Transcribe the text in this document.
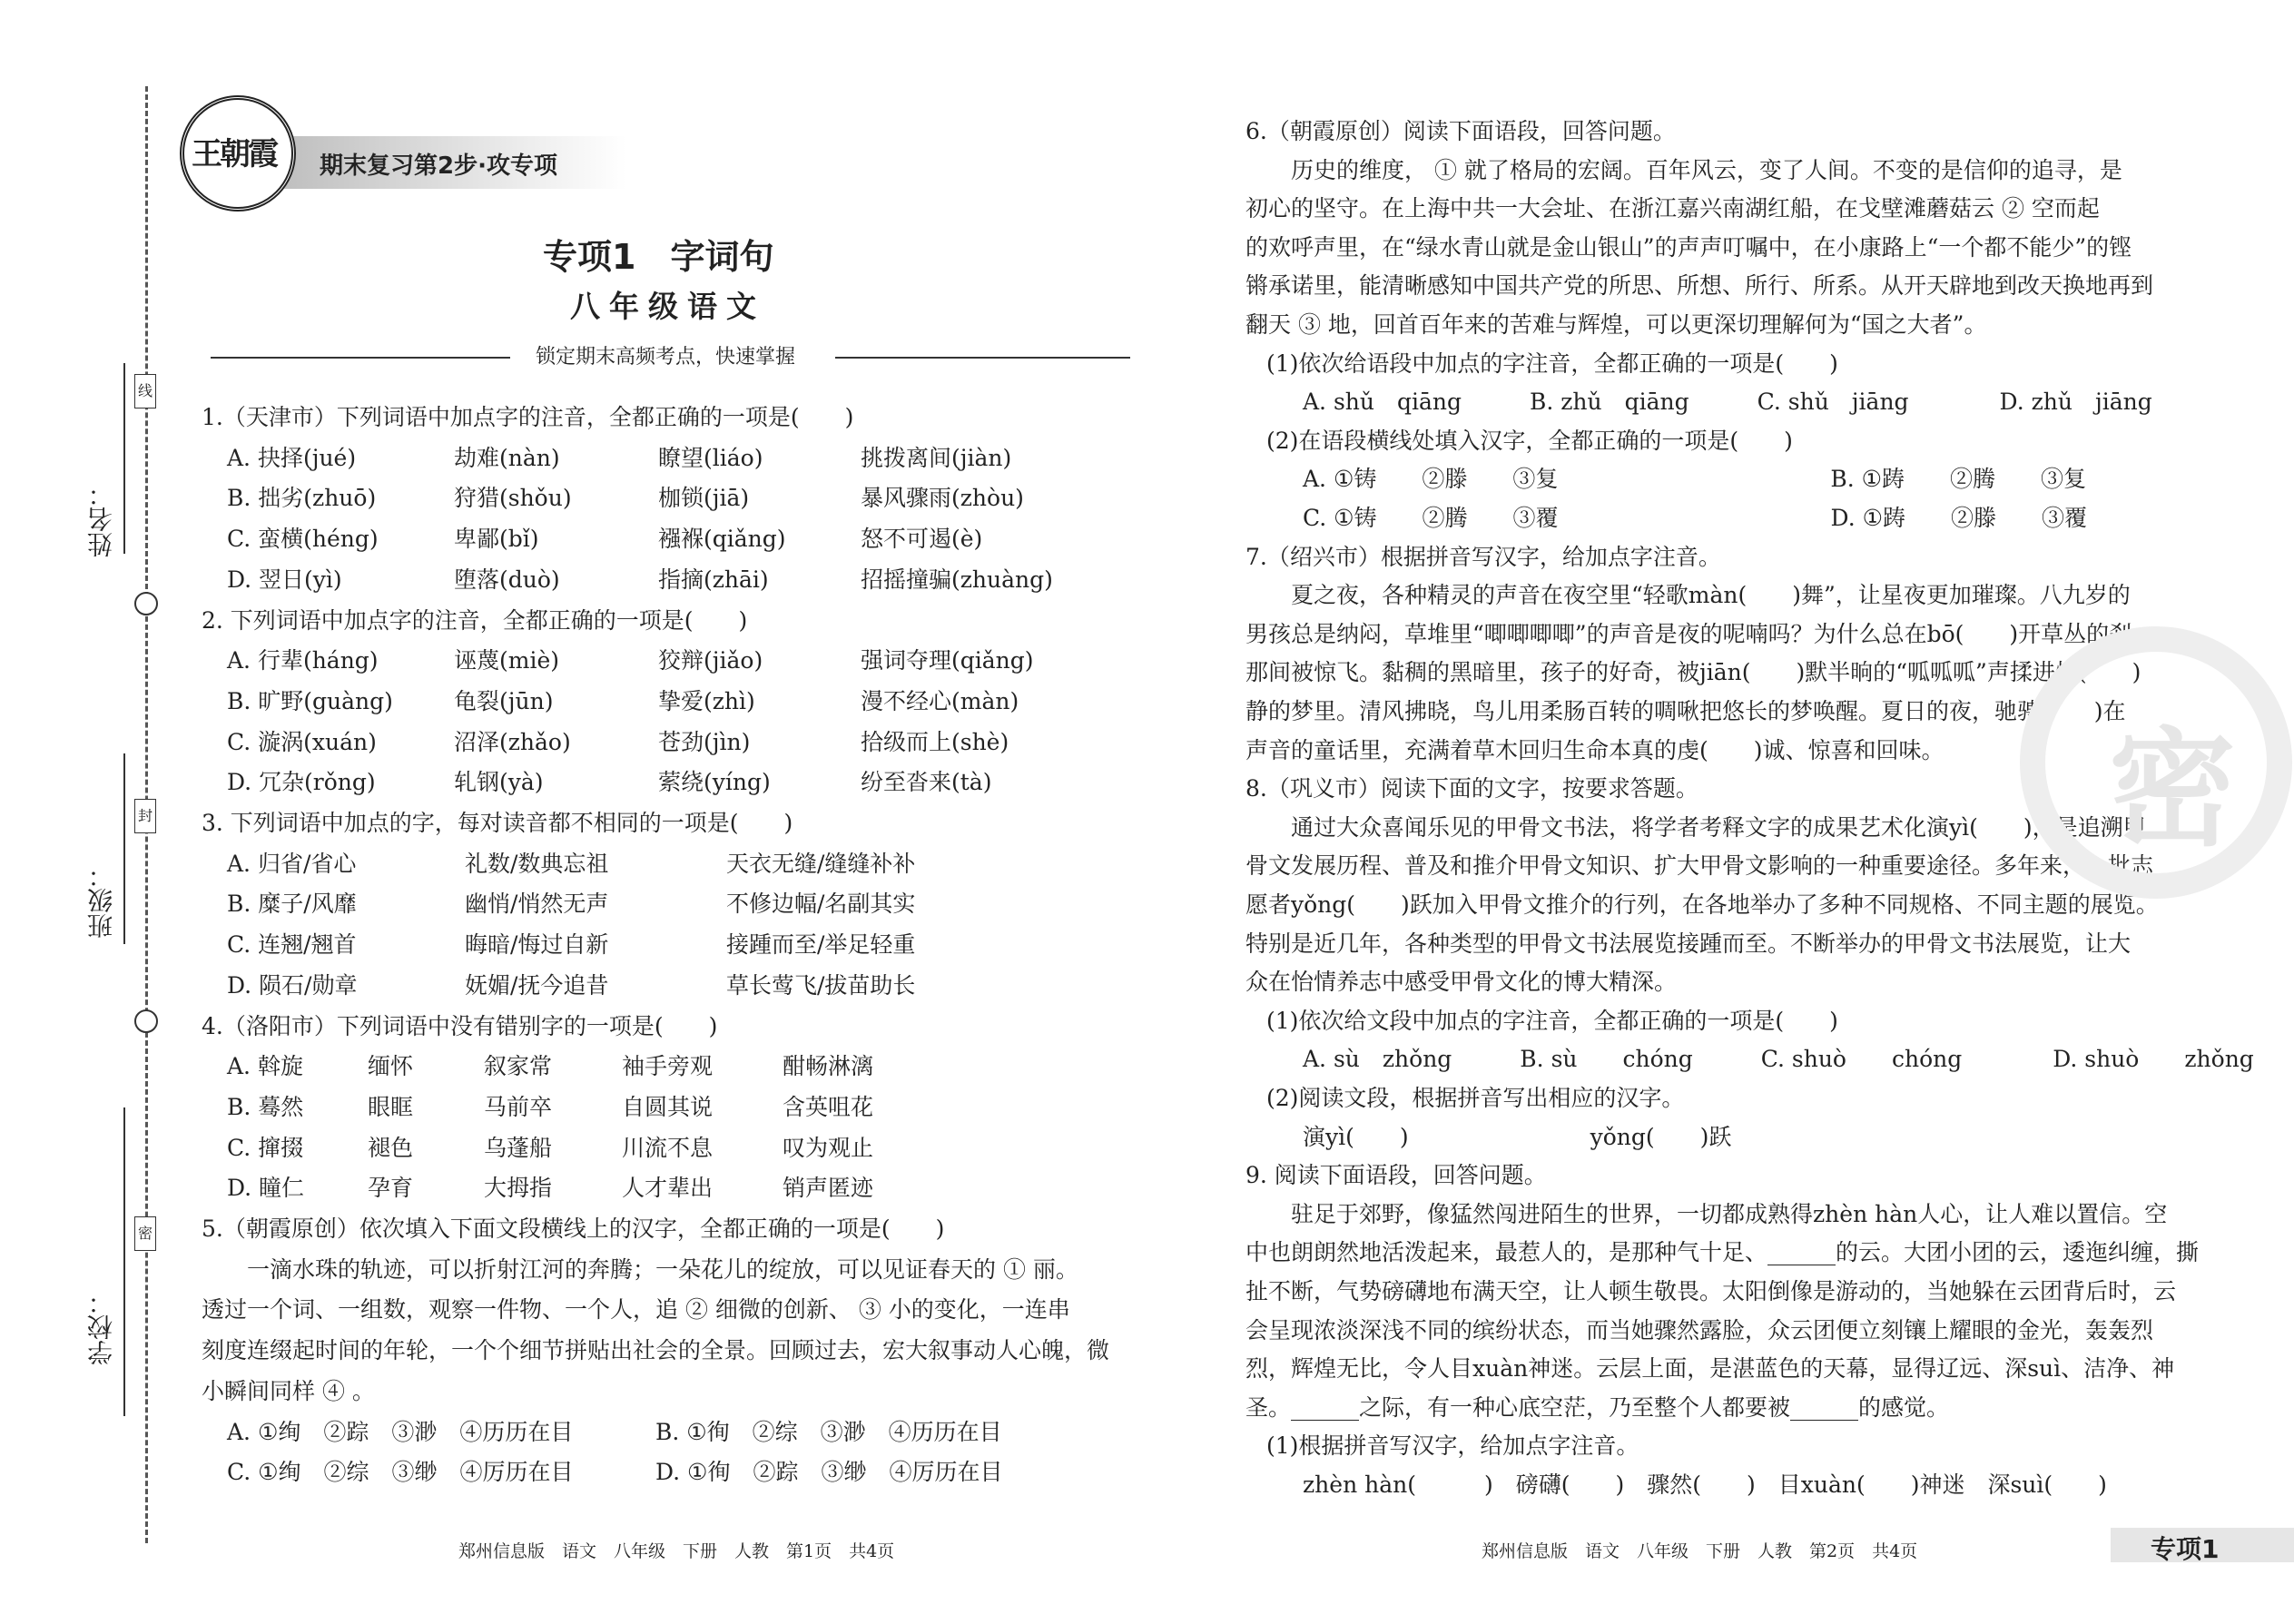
姓名：
班级：
学校：
线
封
密
期末复习第2步·攻专项
王朝霞
专项1　字词句
八年级语文
锁定期末高频考点，快速掌握
1.（天津市）下列词语中加点字的注音，全都正确的一项是(　　)
A. 抉择(jué)	劫难(nàn)	瞭望(liáo)	挑拨离间(jiàn)
B. 拙劣(zhuō)	狩猎(shǒu)	枷锁(jiā)	暴风骤雨(zhòu)
C. 蛮横(héng)	卑鄙(bǐ)	襁褓(qiǎng)	怒不可遏(è)
D. 翌日(yì)	堕落(duò)	指摘(zhāi)	招摇撞骗(zhuàng)
2. 下列词语中加点字的注音，全都正确的一项是(　　)
A. 行辈(háng)	诬蔑(miè)	狡辩(jiǎo)	强词夺理(qiǎng)
B. 旷野(guàng)	龟裂(jūn)	挚爱(zhì)	漫不经心(màn)
C. 漩涡(xuán)	沼泽(zhǎo)	苍劲(jìn)	拾级而上(shè)
D. 冗杂(rǒng)	轧钢(yà)	萦绕(yíng)	纷至沓来(tà)
3. 下列词语中加点的字，每对读音都不相同的一项是(　　)
A. 归省/省心	礼数/数典忘祖	天衣无缝/缝缝补补
B. 糜子/风靡	幽悄/悄然无声	不修边幅/名副其实
C. 连翘/翘首	晦暗/悔过自新	接踵而至/举足轻重
D. 陨石/勋章	妩媚/抚今追昔	草长莺飞/拔苗助长
4.（洛阳市）下列词语中没有错别字的一项是(　　)
A. 斡旋	缅怀	叙家常	袖手旁观	酣畅淋漓
B. 蓦然	眼眶	马前卒	自圆其说	含英咀花
C. 撺掇	褪色	乌蓬船	川流不息	叹为观止
D. 瞳仁	孕育	大拇指	人才辈出	销声匿迹
5.（朝霞原创）依次填入下面文段横线上的汉字，全都正确的一项是(　　)
　　一滴水珠的轨迹，可以折射江河的奔腾；一朵花儿的绽放，可以见证春天的 ① 丽。
透过一个词、一组数，观察一件物、一个人，追 ② 细微的创新、 ③ 小的变化，一连串
刻度连缀起时间的年轮，一个个细节拼贴出社会的全景。回顾过去，宏大叙事动人心魄，微
小瞬间同样 ④ 。
A. ①绚　②踪　③渺　④历历在目	B. ①徇　②综　③渺　④历历在目
C. ①绚　②综　③缈　④厉历在目	D. ①徇　②踪　③缈　④厉历在目
6.（朝霞原创）阅读下面语段，回答问题。
　　历史的维度， ① 就了格局的宏阔。百年风云，变了人间。不变的是信仰的追寻，是
初心的坚守。在上海中共一大会址、在浙江嘉兴南湖红船，在戈壁滩蘑菇云 ② 空而起
的欢呼声里，在“绿水青山就是金山银山”的声声叮嘱中，在小康路上“一个都不能少”的铿
锵承诺里，能清晰感知中国共产党的所思、所想、所行、所系。从开天辟地到改天换地再到
翻天 ③ 地，回首百年来的苦难与辉煌，可以更深切理解何为“国之大者”。
(1)依次给语段中加点的字注音，全都正确的一项是(　　)
A. shǔ　qiāng　　　B. zhǔ　qiāng　　　C. shǔ　jiāng　　　　D. zhǔ　jiāng
(2)在语段横线处填入汉字，全都正确的一项是(　　)
A. ①铸　　②滕　　③复　　　　　　　　　　　　B. ①踌　　②腾　　③复
C. ①铸　　②腾　　③覆　　　　　　　　　　　　D. ①踌　　②滕　　③覆
7.（绍兴市）根据拼音写汉字，给加点字注音。
　　夏之夜，各种精灵的声音在夜空里“轻歌màn(　　)舞”，让星夜更加璀璨。八九岁的
男孩总是纳闷，草堆里“唧唧唧唧”的声音是夜的呢喃吗？为什么总在bō(　　)开草丛的刹
那间被惊飞。黏稠的黑暗里，孩子的好奇，被jiān(　　)默半晌的“呱呱呱”声揉进恬(　　)
静的梦里。清风拂晓，鸟儿用柔肠百转的啁啾把悠长的梦唤醒。夏日的夜，驰骋(　　)在
声音的童话里，充满着草木回归生命本真的虔(　　)诚、惊喜和回味。
8.（巩义市）阅读下面的文字，按要求答题。
　　通过大众喜闻乐见的甲骨文书法，将学者考释文字的成果艺术化演yì(　　)，是追溯甲
骨文发展历程、普及和推介甲骨文知识、扩大甲骨文影响的一种重要途径。多年来，一批志
愿者yǒng(　　)跃加入甲骨文推介的行列，在各地举办了多种不同规格、不同主题的展览。
特别是近几年，各种类型的甲骨文书法展览接踵而至。不断举办的甲骨文书法展览，让大
众在怡情养志中感受甲骨文化的博大精深。
(1)依次给文段中加点的字注音，全都正确的一项是(　　)
A. sù　zhǒng　　　B. sù　　chóng　　　C. shuò　　chóng　　　　D. shuò　　zhǒng
(2)阅读文段，根据拼音写出相应的汉字。
演yì(　　)　　　　　　　　yǒng(　　)跃
9. 阅读下面语段，回答问题。
　　驻足于郊野，像猛然闯进陌生的世界，一切都成熟得zhèn hàn人心，让人难以置信。空
中也朗朗然地活泼起来，最惹人的，是那种气十足、______的云。大团小团的云，逶迤纠缠，撕
扯不断，气势磅礴地布满天空，让人顿生敬畏。太阳倒像是游动的，当她躲在云团背后时，云
会呈现浓淡深浅不同的缤纷状态，而当她骤然露脸，众云团便立刻镶上耀眼的金光，轰轰烈
烈，辉煌无比，令人目xuàn神迷。云层上面，是湛蓝色的天幕，显得辽远、深suì、洁净、神
圣。______之际，有一种心底空茫，乃至整个人都要被______的感觉。
(1)根据拼音写汉字，给加点字注音。
zhèn hàn(　　　)　磅礴(　　)　骤然(　　)　目xuàn(　　)神迷　深suì(　　)
密
郑州信息版　语文　八年级　下册　人教　第1页　共4页	郑州信息版　语文　八年级　下册　人教　第2页　共4页	专项1
